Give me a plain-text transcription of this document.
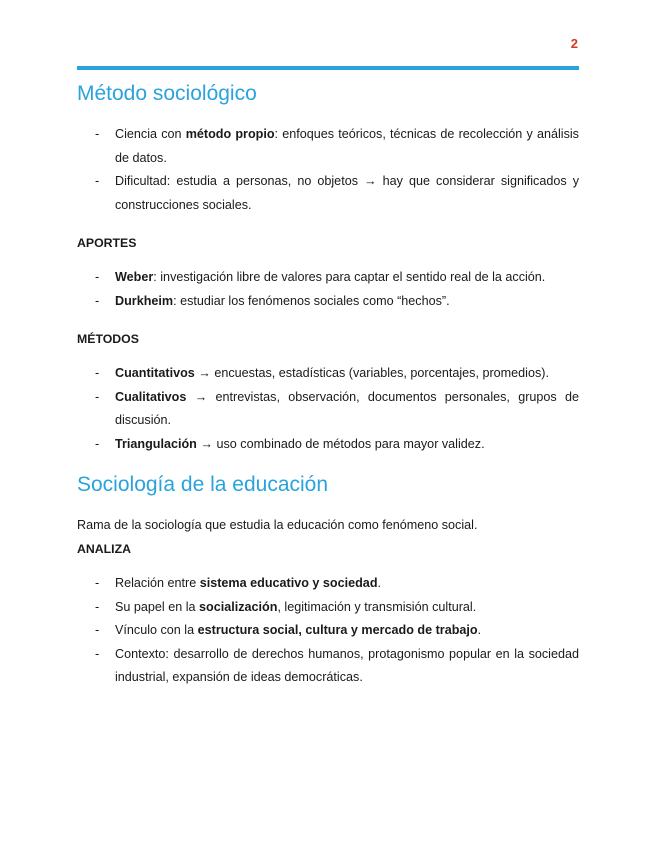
2
Método sociológico
- Ciencia con método propio: enfoques teóricos, técnicas de recolección y análisis de datos.
- Dificultad: estudia a personas, no objetos → hay que considerar significados y construcciones sociales.
APORTES
- Weber: investigación libre de valores para captar el sentido real de la acción.
- Durkheim: estudiar los fenómenos sociales como “hechos”.
MÉTODOS
- Cuantitativos → encuestas, estadísticas (variables, porcentajes, promedios).
- Cualitativos → entrevistas, observación, documentos personales, grupos de discusión.
- Triangulación → uso combinado de métodos para mayor validez.
Sociología de la educación

Rama de la sociología que estudia la educación como fenómeno social.

ANALIZA
- Relación entre sistema educativo y sociedad.
- Su papel en la socialización, legitimación y transmisión cultural.
- Vínculo con la estructura social, cultura y mercado de trabajo.
- Contexto: desarrollo de derechos humanos, protagonismo popular en la sociedad industrial, expansión de ideas democráticas.
